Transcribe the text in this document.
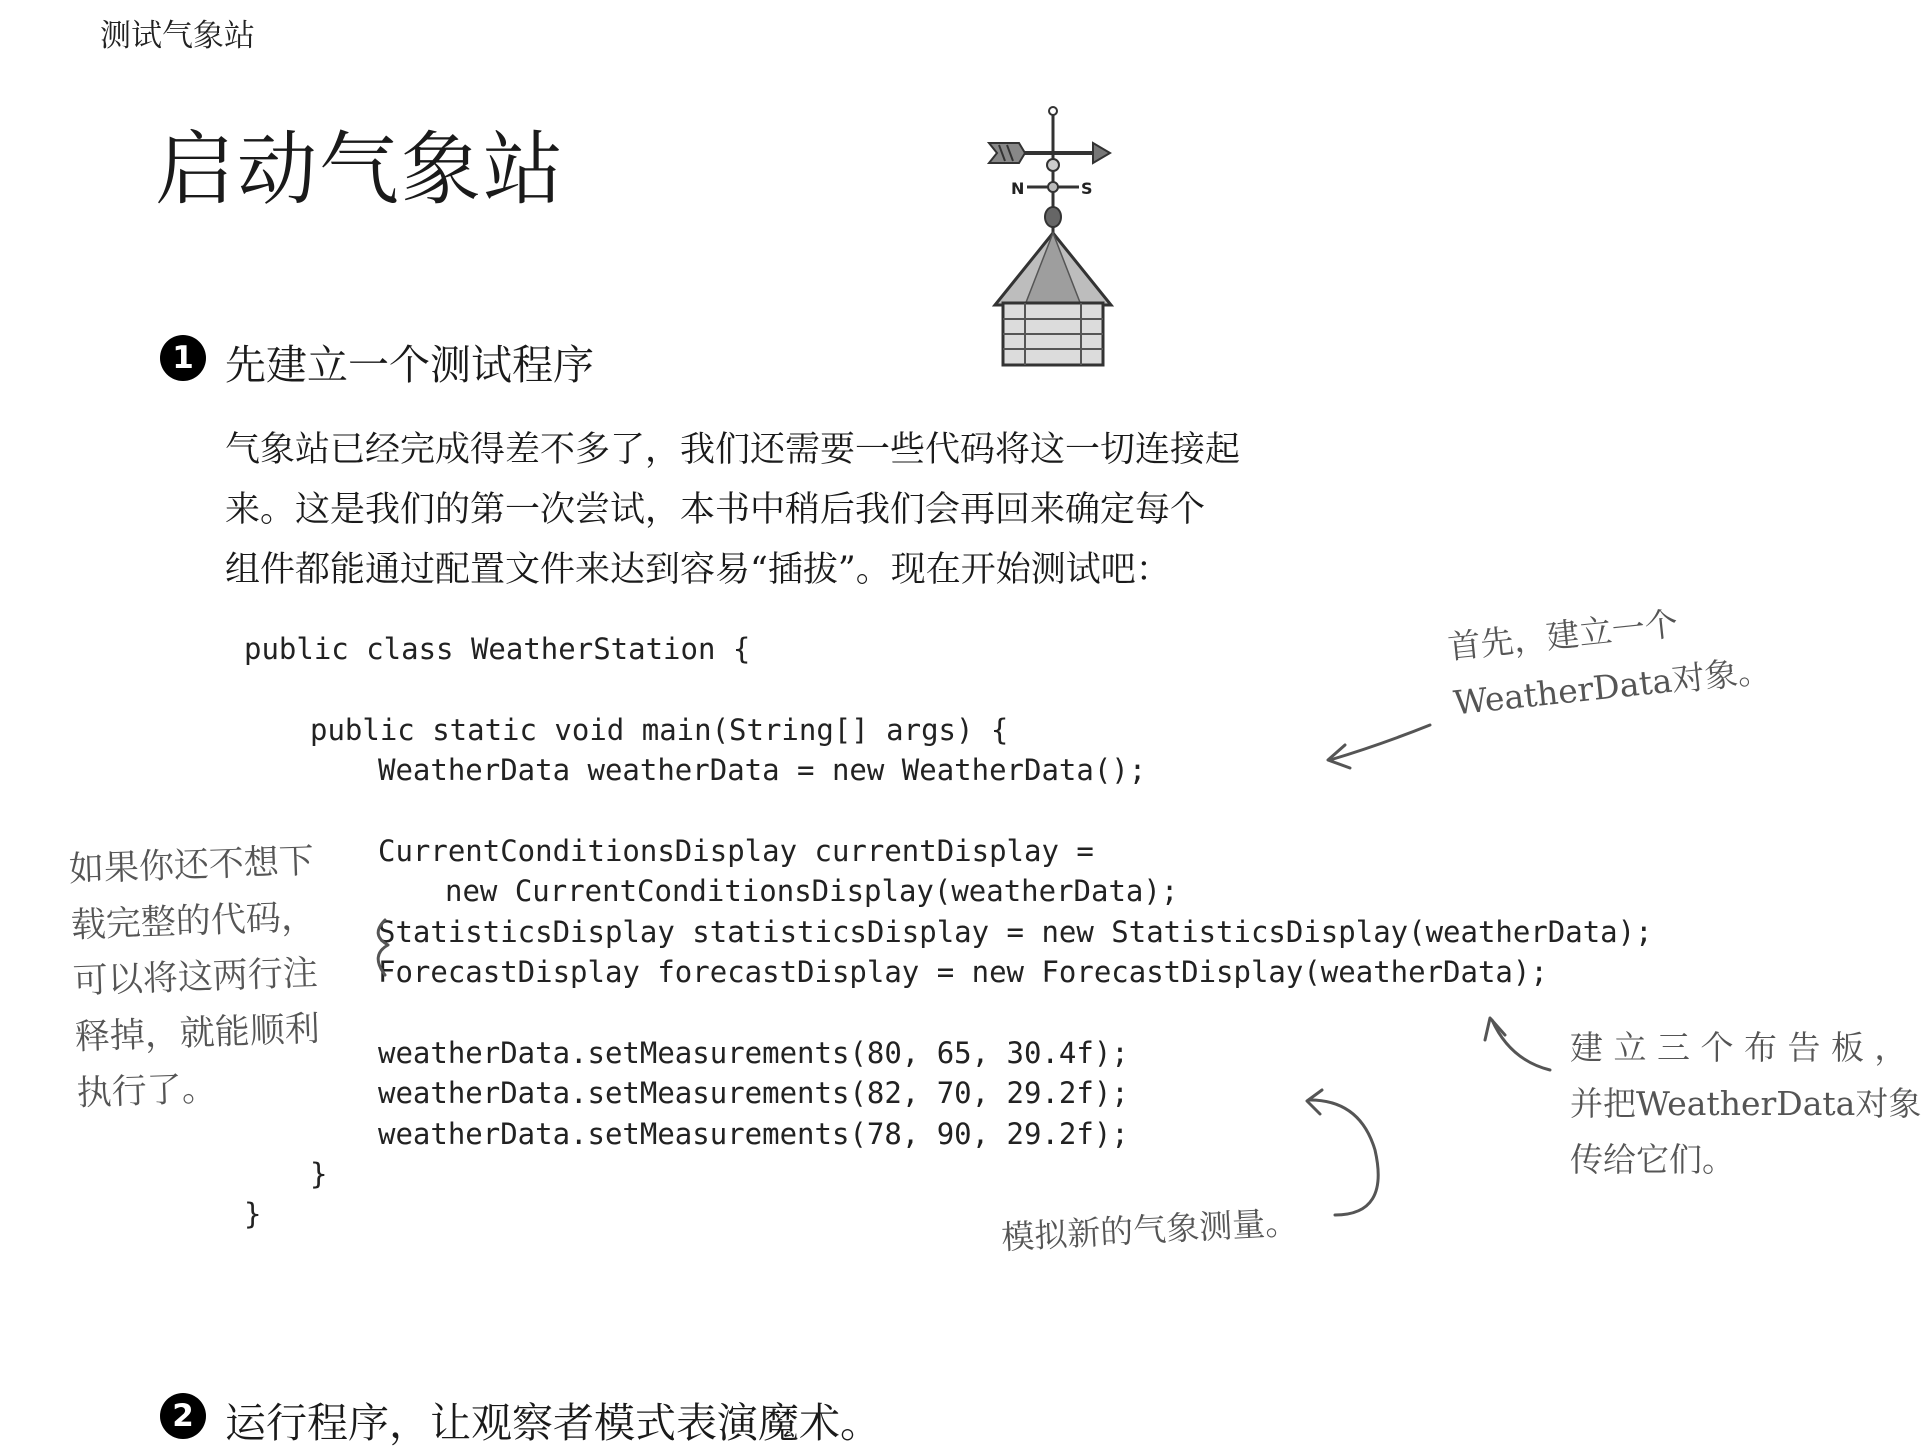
测试气象站
启动气象站	N	S
1 先建立一个测试程序

气象站已经完成得差不多了，我们还需要一些代码将这一切连接起

来。这是我们的第一次尝试，本书中稍后我们会再回来确定每个

组件都能通过配置文件来达到容易“插拔”。现在开始测试吧：

public class WeatherStation {
public static void main(String[] args) {
WeatherData weatherData = new WeatherData();
CurrentConditionsDisplay currentDisplay =
new CurrentConditionsDisplay(weatherData);
StatisticsDisplay statisticsDisplay = new StatisticsDisplay(weatherData);
ForecastDisplay forecastDisplay = new ForecastDisplay(weatherData);
weatherData.setMeasurements(80, 65, 30.4f);
weatherData.setMeasurements(82, 70, 29.2f);
weatherData.setMeasurements(78, 90, 29.2f);
}
}

首先，建立一个

WeatherData对象。

如果你还不想下

载完整的代码，

可以将这两行注

释掉，就能顺利

执行了。

建 立 三 个 布 告 板 ，

并把WeatherData对象

传给它们。

模拟新的气象测量。
2 运行程序，让观察者模式表演魔术。
